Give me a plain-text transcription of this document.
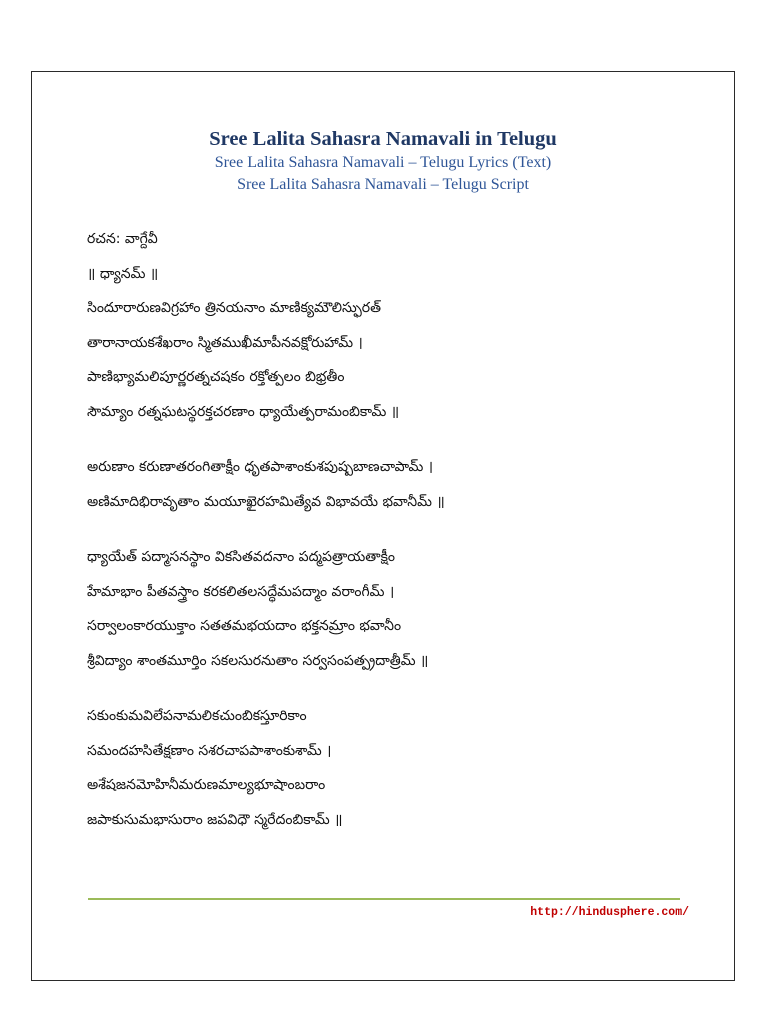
Sree Lalita Sahasra Namavali in Telugu
Sree Lalita Sahasra Namavali – Telugu Lyrics (Text)
Sree Lalita Sahasra Namavali – Telugu Script
రచన: వాగ్దేవీ
॥ ధ్యానమ్ ॥
సిందూరారుణవిగ్రహాం త్రినయనాం మాణిక్యమౌలిస్ఫురత్
తారానాయకశేఖరాం స్మితముఖీమాపీనవక్షోరుహామ్ ।
పాణిభ్యామలిపూర్ణరత్నచషకం రక్తోత్పలం బిభ్రతీం
సౌమ్యాం రత్నఘటస్థరక్తచరణాం ధ్యాయేత్పరామంబికామ్ ॥
అరుణాం కరుణాతరంగితాక్షీం ధృతపాశాంకుశపుష్పబాణచాపామ్ ।
అణిమాదిభిరావృతాం మయూఖైరహమిత్యేవ విభావయే భవానీమ్ ॥
ధ్యాయేత్ పద్మాసనస్థాం వికసితవదనాం పద్మపత్రాయతాక్షీం
హేమాభాం పీతవస్త్రాం కరకలితలసద్ధేమపద్మాం వరాంగీమ్ ।
సర్వాలంకారయుక్తాం సతతమభయదాం భక్తనమ్రాం భవానీం
శ్రీవిద్యాం శాంతమూర్తిం సకలసురనుతాం సర్వసంపత్ప్రదాత్రీమ్ ॥
సకుంకుమవిలేపనామలికచుంబికస్తూరికాం
సమందహసితేక్షణాం సశరచాపపాశాంకుశామ్ ।
అశేషజనమోహినీమరుణమాల్యభూషాంబరాం
జపాకుసుమభాసురాం జపవిధౌ స్మరేదంబికామ్ ॥
http://hindusphere.com/
